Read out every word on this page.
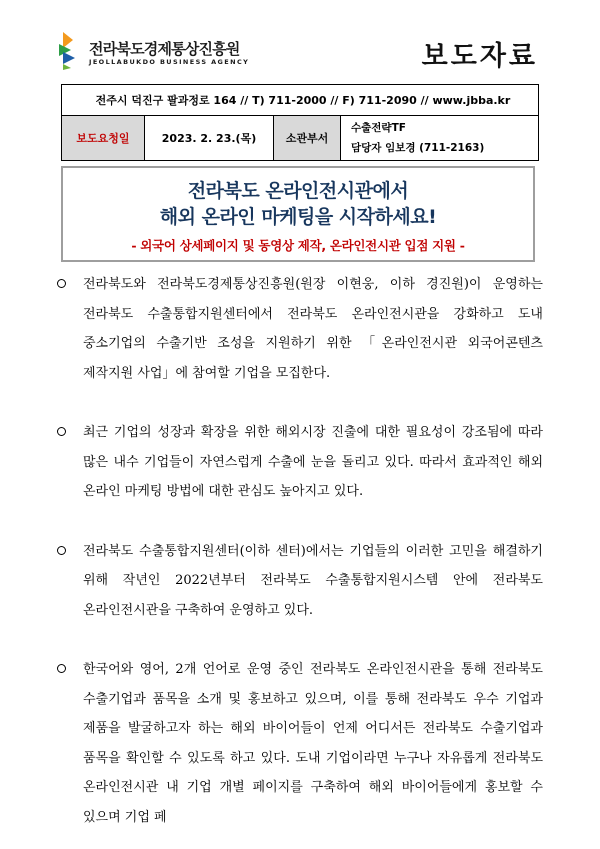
전라북도경제통상진흥원
JEOLLABUKDO BUSINESS AGENCY	보도자료
전주시 덕진구 팔과정로 164 // T) 711-2000 // F) 711-2090 // www.jbba.kr
보도요청일	2023. 2. 23.(목)	소관부서	
수출전략TF
담당자 임보경 (711-2163)
전라북도 온라인전시관에서
해외 온라인 마케팅을 시작하세요!
- 외국어 상세페이지 및 동영상 제작, 온라인전시관 입점 지원 -

전라북도와 전라북도경제통상진흥원(원장 이현웅, 이하 경진원)이 운영하는 전라북도 수출통합지원센터에서 전라북도 온라인전시관을 강화하고 도내 중소기업의 수출기반 조성을 지원하기 위한 「온라인전시관 외국어콘텐츠 제작지원 사업」에 참여할 기업을 모집한다.

최근 기업의 성장과 확장을 위한 해외시장 진출에 대한 필요성이 강조됨에 따라 많은 내수 기업들이 자연스럽게 수출에 눈을 돌리고 있다. 따라서 효과적인 해외 온라인 마케팅 방법에 대한 관심도 높아지고 있다.

전라북도 수출통합지원센터(이하 센터)에서는 기업들의 이러한 고민을 해결하기 위해 작년인 2022년부터 전라북도 수출통합지원시스템 안에 전라북도 온라인전시관을 구축하여 운영하고 있다.

한국어와 영어, 2개 언어로 운영 중인 전라북도 온라인전시관을 통해 전라북도 수출기업과 품목을 소개 및 홍보하고 있으며, 이를 통해 전라북도 우수 기업과 제품을 발굴하고자 하는 해외 바이어들이 언제 어디서든 전라북도 수출기업과 품목을 확인할 수 있도록 하고 있다. 도내 기업이라면 누구나 자유롭게 전라북도 온라인전시관 내 기업 개별 페이지를 구축하여 해외 바이어들에게 홍보할 수 있으며 기업 페
